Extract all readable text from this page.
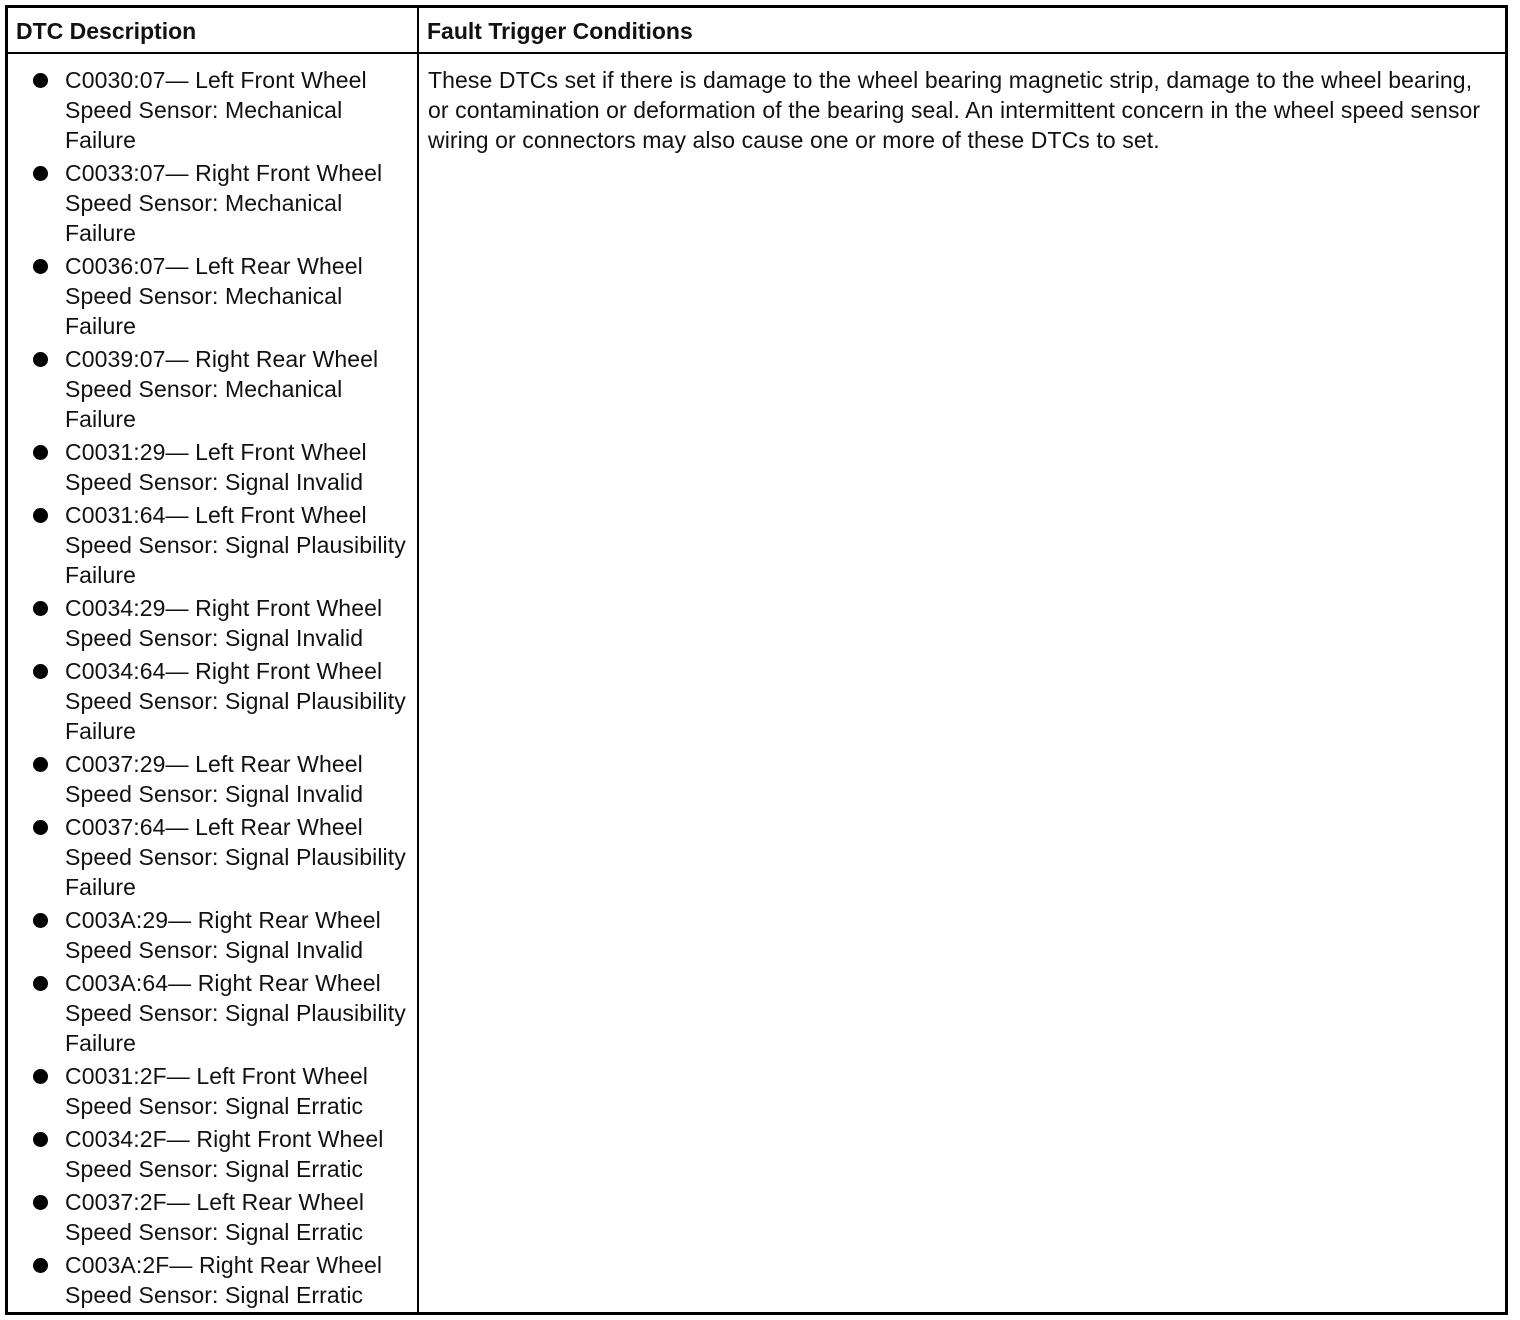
DTC Description	Fault Trigger Conditions
C0030:07— Left Front Wheel Speed Sensor: Mechanical Failure
C0033:07— Right Front Wheel Speed Sensor: Mechanical Failure
C0036:07— Left Rear Wheel Speed Sensor: Mechanical Failure
C0039:07— Right Rear Wheel Speed Sensor: Mechanical Failure
C0031:29— Left Front Wheel Speed Sensor: Signal Invalid
C0031:64— Left Front Wheel Speed Sensor: Signal Plausibility Failure
C0034:29— Right Front Wheel Speed Sensor: Signal Invalid
C0034:64— Right Front Wheel Speed Sensor: Signal Plausibility Failure
C0037:29— Left Rear Wheel Speed Sensor: Signal Invalid
C0037:64— Left Rear Wheel Speed Sensor: Signal Plausibility Failure
C003A:29— Right Rear Wheel Speed Sensor: Signal Invalid
C003A:64— Right Rear Wheel Speed Sensor: Signal Plausibility Failure
C0031:2F— Left Front Wheel Speed Sensor: Signal Erratic
C0034:2F— Right Front Wheel Speed Sensor: Signal Erratic
C0037:2F— Left Rear Wheel Speed Sensor: Signal Erratic
C003A:2F— Right Rear Wheel Speed Sensor: Signal Erratic

These DTCs set if there is damage to the wheel bearing magnetic strip, damage to the wheel bearing, or contamination or deformation of the bearing seal. An intermittent concern in the wheel speed sensor wiring or connectors may also cause one or more of these DTCs to set.
